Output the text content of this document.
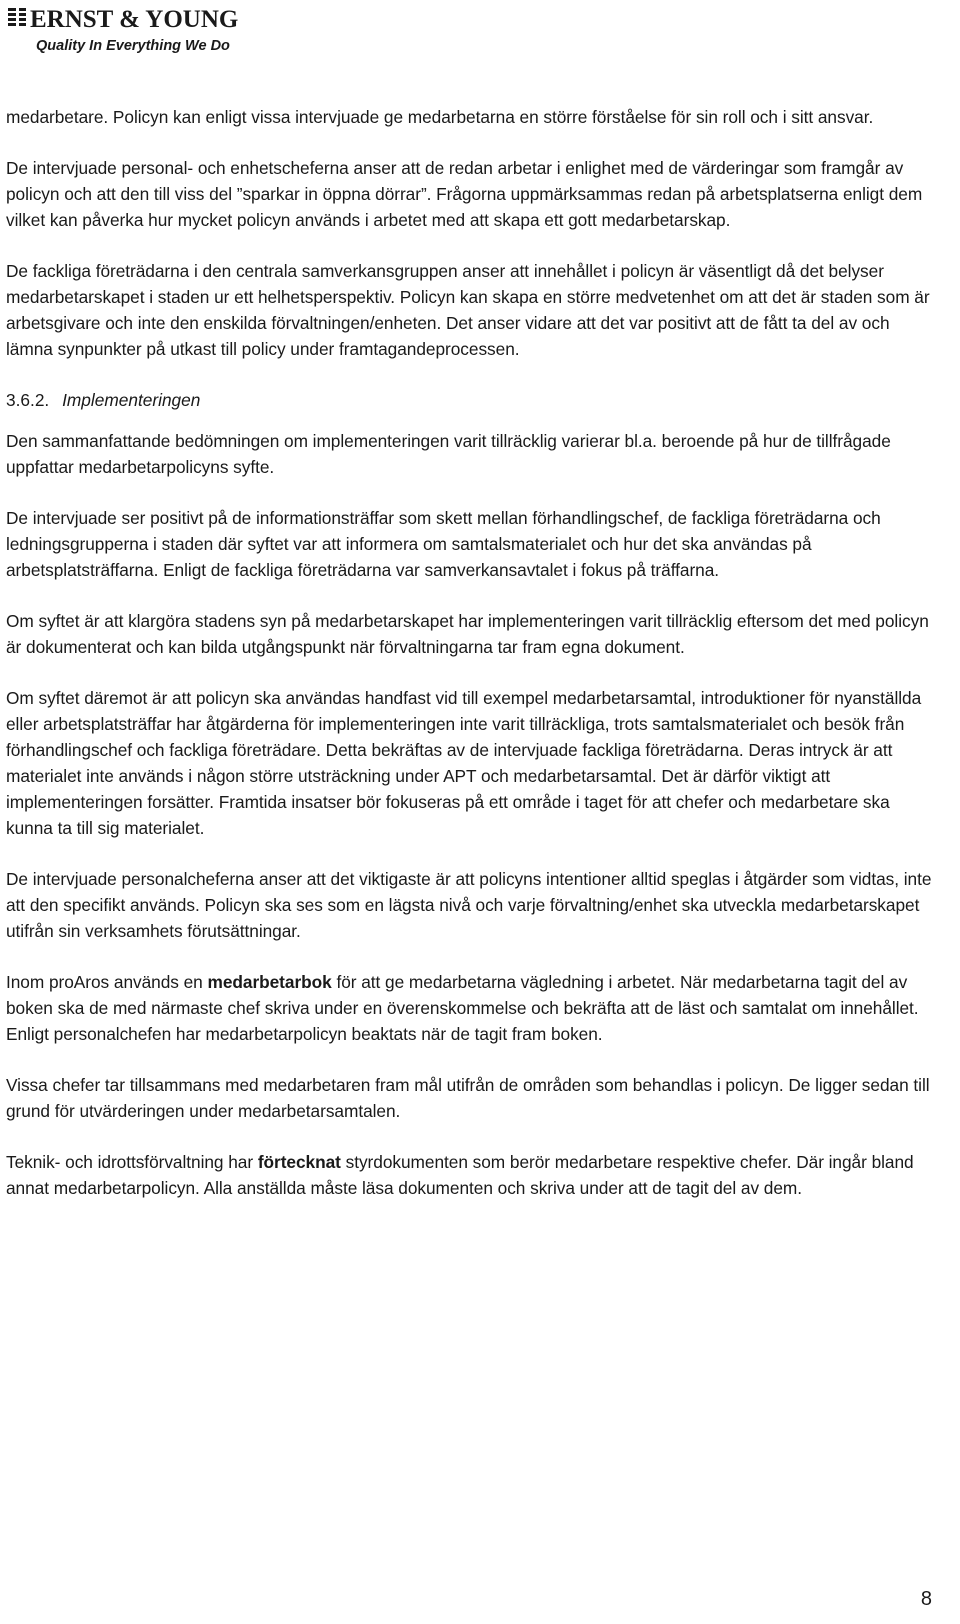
ERNST & YOUNG
Quality In Everything We Do

medarbetare. Policyn kan enligt vissa intervjuade ge medarbetarna en större förståelse för sin roll och i sitt ansvar.

De intervjuade personal- och enhetscheferna anser att de redan arbetar i enlighet med de värderingar som framgår av policyn och att den till viss del ”sparkar in öppna dörrar”. Frågorna uppmärksammas redan på arbetsplatserna enligt dem vilket kan påverka hur mycket policyn används i arbetet med att skapa ett gott medarbetarskap.

De fackliga företrädarna i den centrala samverkansgruppen anser att innehållet i policyn är väsentligt då det belyser medarbetarskapet i staden ur ett helhetsperspektiv. Policyn kan skapa en större medvetenhet om att det är staden som är arbetsgivare och inte den enskilda förvaltningen/enheten. Det anser vidare att det var positivt att de fått ta del av och lämna synpunkter på utkast till policy under framtagandeprocessen.

3.6.2. Implementeringen

Den sammanfattande bedömningen om implementeringen varit tillräcklig varierar bl.a. beroende på hur de tillfrågade uppfattar medarbetarpolicyns syfte.

De intervjuade ser positivt på de informationsträffar som skett mellan förhandlingschef, de fackliga företrädarna och ledningsgrupperna i staden där syftet var att informera om samtalsmaterialet och hur det ska användas på arbetsplatsträffarna. Enligt de fackliga företrädarna var samverkansavtalet i fokus på träffarna.

Om syftet är att klargöra stadens syn på medarbetarskapet har implementeringen varit tillräcklig eftersom det med policyn är dokumenterat och kan bilda utgångspunkt när förvaltningarna tar fram egna dokument.

Om syftet däremot är att policyn ska användas handfast vid till exempel medarbetarsamtal, introduktioner för nyanställda eller arbetsplatsträffar har åtgärderna för implementeringen inte varit tillräckliga, trots samtalsmaterialet och besök från förhandlingschef och fackliga företrädare. Detta bekräftas av de intervjuade fackliga företrädarna. Deras intryck är att materialet inte används i någon större utsträckning under APT och medarbetarsamtal. Det är därför viktigt att implementeringen forsätter. Framtida insatser bör fokuseras på ett område i taget för att chefer och medarbetare ska kunna ta till sig materialet.

De intervjuade personalcheferna anser att det viktigaste är att policyns intentioner alltid speglas i åtgärder som vidtas, inte att den specifikt används. Policyn ska ses som en lägsta nivå och varje förvaltning/enhet ska utveckla medarbetarskapet utifrån sin verksamhets förutsättningar.

Inom proAros används en medarbetarbok för att ge medarbetarna vägledning i arbetet. När medarbetarna tagit del av boken ska de med närmaste chef skriva under en överenskommelse och bekräfta att de läst och samtalat om innehållet. Enligt personalchefen har medarbetarpolicyn beaktats när de tagit fram boken.

Vissa chefer tar tillsammans med medarbetaren fram mål utifrån de områden som behandlas i policyn. De ligger sedan till grund för utvärderingen under medarbetarsamtalen.

Teknik- och idrottsförvaltning har förtecknat styrdokumenten som berör medarbetare respektive chefer. Där ingår bland annat medarbetarpolicyn. Alla anställda måste läsa dokumenten och skriva under att de tagit del av dem.

8
